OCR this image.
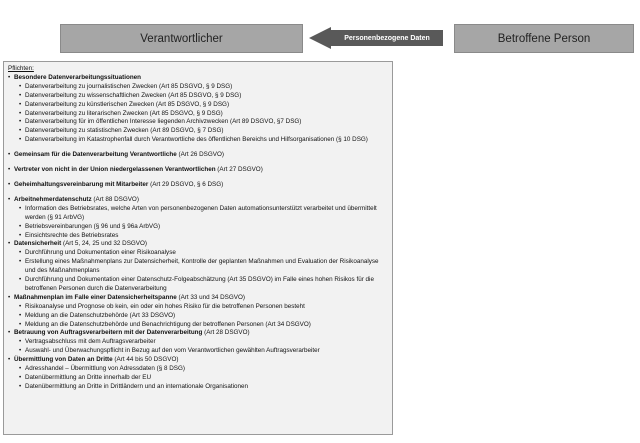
Verantwortlicher	Personenbezogene Daten	Betroffene Person
Pflichten:
• Besondere Datenverarbeitungssituationen
• Datenverarbeitung zu journalistischen Zwecken (Art 85 DSGVO, § 9 DSG)
• Datenverarbeitung zu wissenschaftlichen Zwecken (Art 85 DSGVO, § 9 DSG)
• Datenverarbeitung zu künstlerischen Zwecken (Art 85 DSGVO, § 9 DSG)
• Datenverarbeitung zu literarischen Zwecken (Art 85 DSGVO, § 9 DSG)
• Datenverarbeitung für im öffentlichen Interesse liegenden Archivzwecken (Art 89 DSGVO, §7 DSG)
• Datenverarbeitung zu statistischen Zwecken (Art 89 DSGVO, § 7 DSG)
• Datenverarbeitung im Katastrophenfall durch Verantwortliche des öffentlichen Bereichs und Hilfsorganisationen (§ 10 DSG)
• Gemeinsam für die Datenverarbeitung Verantwortliche (Art 26 DSGVO)
• Vertreter von nicht in der Union niedergelassenen Verantwortlichen (Art 27 DSGVO)
• Geheimhaltungsvereinbarung mit Mitarbeiter (Art 29 DSGVO, § 6 DSG)
• Arbeitnehmerdatenschutz (Art 88 DSGVO)
• Information des Betriebsrates, welche Arten von personenbezogenen Daten automationsunterstützt verarbeitet und übermittelt werden (§ 91 ArbVG)
• Betriebsvereinbarungen (§ 96 und § 96a ArbVG)
• Einsichtsrechte des Betriebsrates
• Datensicherheit (Art 5, 24, 25 und 32 DSGVO)
• Durchführung und Dokumentation einer Risikoanalyse
• Erstellung eines Maßnahmenplans zur Datensicherheit, Kontrolle der geplanten Maßnahmen und Evaluation der Risikoanalyse und des Maßnahmenplans
• Durchführung und Dokumentation einer Datenschutz-Folgeabschätzung (Art 35 DSGVO) im Falle eines hohen Risikos für die betroffenen Personen durch die Datenverarbeitung
• Maßnahmenplan im Falle einer Datensicherheitspanne (Art 33 und 34 DSGVO)
• Risikoanalyse und Prognose ob kein, ein oder ein hohes Risiko für die betroffenen Personen besteht
• Meldung an die Datenschutzbehörde (Art 33 DSGVO)
• Meldung an die Datenschutzbehörde und Benachrichtigung der betroffenen Personen (Art 34 DSGVO)
• Betrauung von Auftragsverarbeitern mit der Datenverarbeitung (Art 28 DSGVO)
• Vertragsabschluss mit dem Auftragsverarbeiter
• Auswahl- und Überwachungspflicht in Bezug auf den vom Verantwortlichen gewählten Auftragsverarbeiter
• Übermittlung von Daten an Dritte (Art 44 bis 50 DSGVO)
• Adresshandel – Übermittlung von Adressdaten (§ 8 DSG)
• Datenübermittlung an Dritte innerhalb der EU
• Datenübermittlung an Dritte in Drittländern und an internationale Organisationen
